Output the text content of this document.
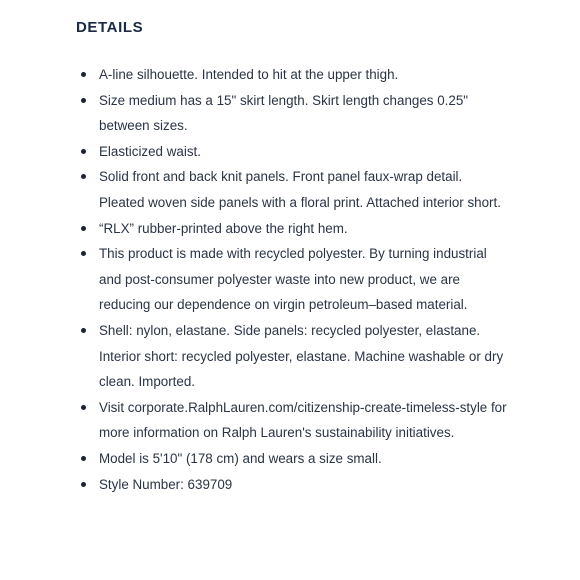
DETAILS
A-line silhouette. Intended to hit at the upper thigh.
Size medium has a 15" skirt length. Skirt length changes 0.25" between sizes.
Elasticized waist.
Solid front and back knit panels. Front panel faux-wrap detail. Pleated woven side panels with a floral print. Attached interior short.
“RLX” rubber-printed above the right hem.
This product is made with recycled polyester. By turning industrial and post-consumer polyester waste into new product, we are reducing our dependence on virgin petroleum–based material.
Shell: nylon, elastane. Side panels: recycled polyester, elastane. Interior short: recycled polyester, elastane. Machine washable or dry clean. Imported.
Visit corporate.RalphLauren.com/citizenship-create-timeless-style for more information on Ralph Lauren's sustainability initiatives.
Model is 5'10" (178 cm) and wears a size small.
Style Number: 639709
